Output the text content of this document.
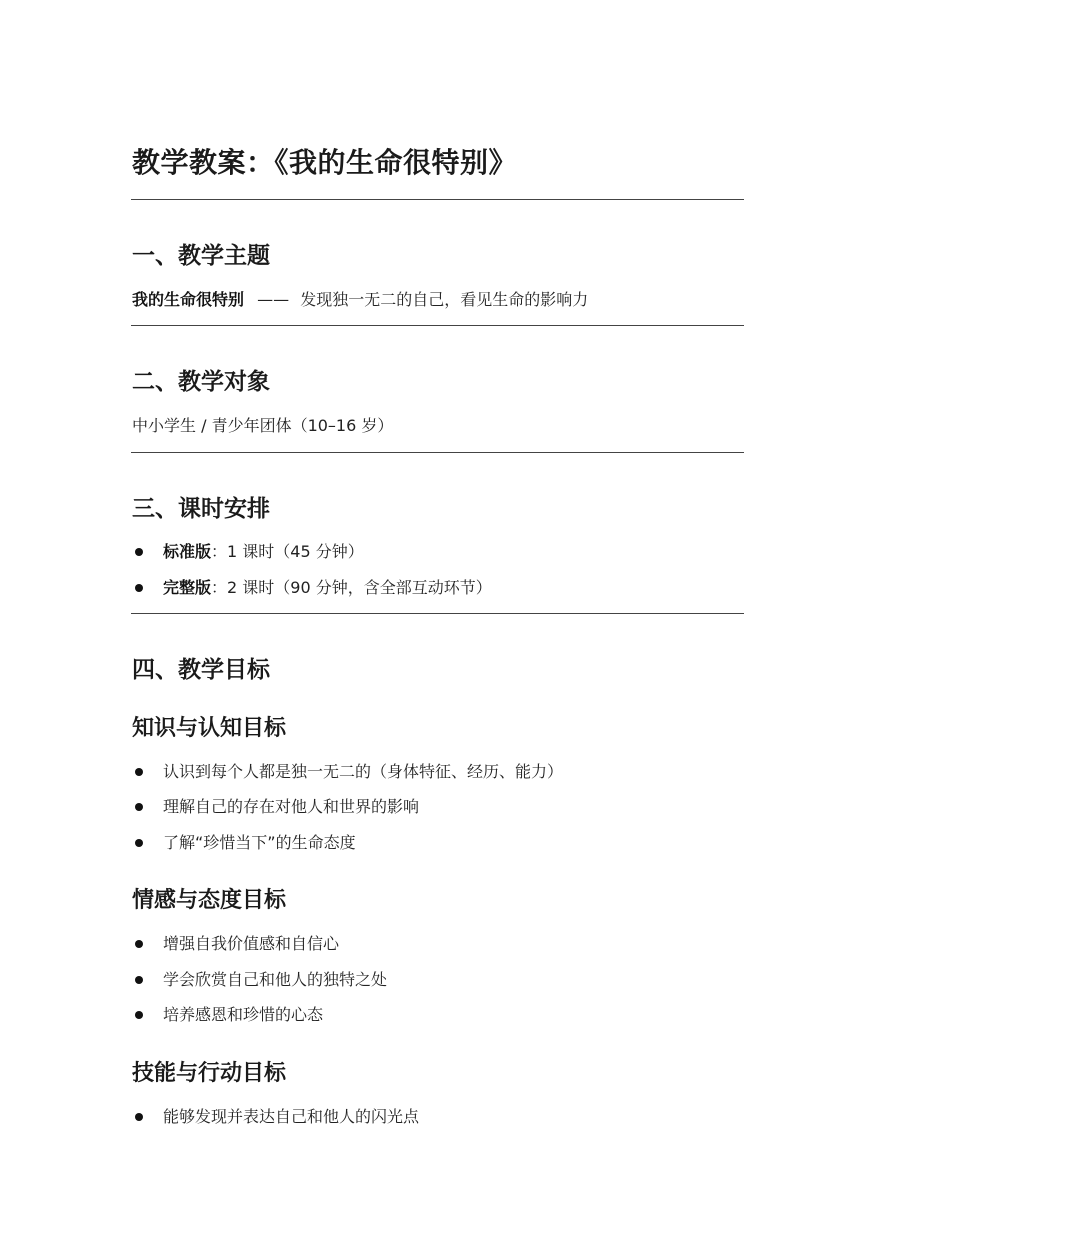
教学教案：《我的生命很特别》
一、教学主题
我的生命很特别 —— 发现独一无二的自己，看见生命的影响力
二、教学对象
中小学生 / 青少年团体（10–16 岁）
三、课时安排
标准版：1 课时（45 分钟）
完整版：2 课时（90 分钟，含全部互动环节）
四、教学目标
知识与认知目标
认识到每个人都是独一无二的（身体特征、经历、能力）
理解自己的存在对他人和世界的影响
了解“珍惜当下”的生命态度
情感与态度目标
增强自我价值感和自信心
学会欣赏自己和他人的独特之处
培养感恩和珍惜的心态
技能与行动目标
能够发现并表达自己和他人的闪光点
